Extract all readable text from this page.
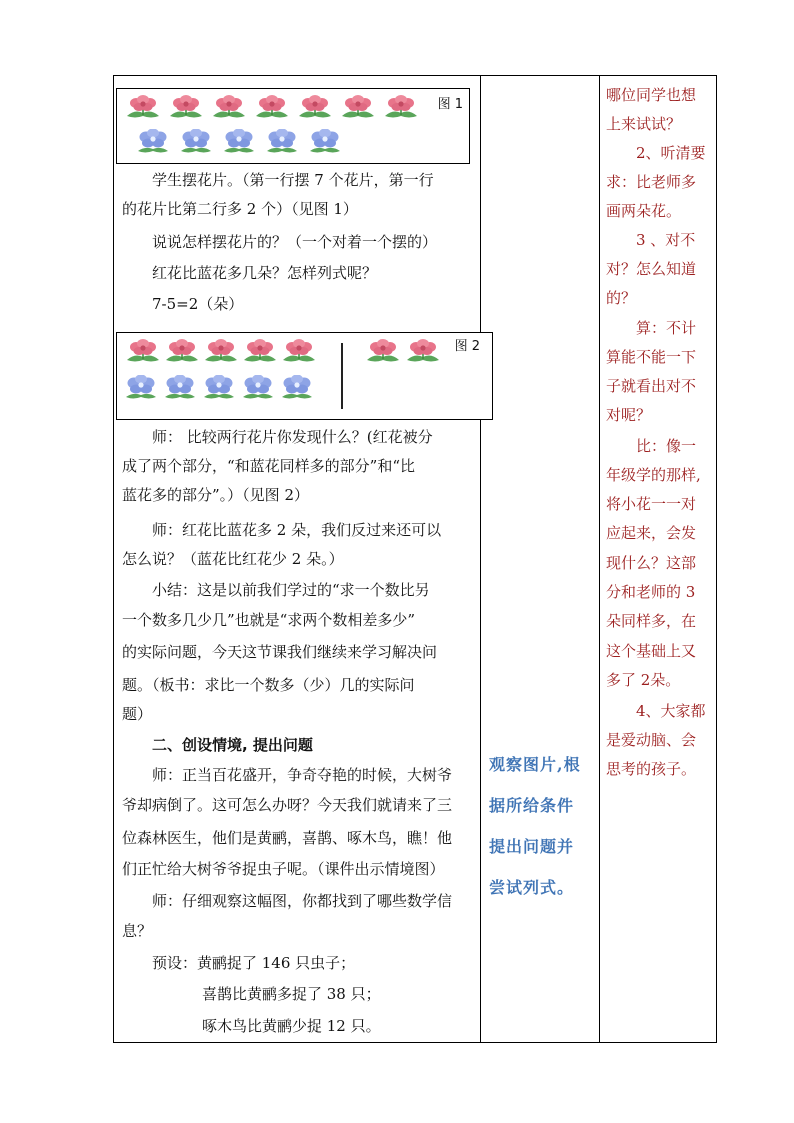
图 1
学生摆花片。（第一行摆 7 个花片，第一行
的花片比第二行多 2 个）（见图 1）
说说怎样摆花片的？（一个对着一个摆的）
红花比蓝花多几朵？怎样列式呢？
7-5=2（朵）
图 2
师： 比较两行花片你发现什么？(红花被分
成了两个部分，“和蓝花同样多的部分”和“比
蓝花多的部分”。）（见图 2）
师：红花比蓝花多 2 朵，我们反过来还可以
怎么说？（蓝花比红花少 2 朵。）
小结：这是以前我们学过的“求一个数比另
一个数多几少几”也就是“求两个数相差多少”
的实际问题，今天这节课我们继续来学习解决问
题。（板书：求比一个数多（少）几的实际问
题）
二、创设情境, 提出问题
师：正当百花盛开，争奇夺艳的时候，大树爷
爷却病倒了。这可怎么办呀？今天我们就请来了三
位森林医生，他们是黄鹂，喜鹊、啄木鸟，瞧！他
们正忙给大树爷爷捉虫子呢。（课件出示情境图）
师：仔细观察这幅图，你都找到了哪些数学信
息？
预设：黄鹂捉了 146 只虫子；
喜鹊比黄鹂多捉了 38 只；
啄木鸟比黄鹂少捉 12 只。
观察图片,根
据所给条件
提出问题并
尝试列式。
哪位同学也想
上来试试？
2、听清要
求：比老师多
画两朵花。
3 、对不
对？怎么知道
的？
算：不计
算能不能一下
子就看出对不
对呢？
比：像一
年级学的那样,
将小花一一对
应起来，会发
现什么？这部
分和老师的 3
朵同样多，在
这个基础上又
多了 2朵。
4、大家都
是爱动脑、会
思考的孩子。
